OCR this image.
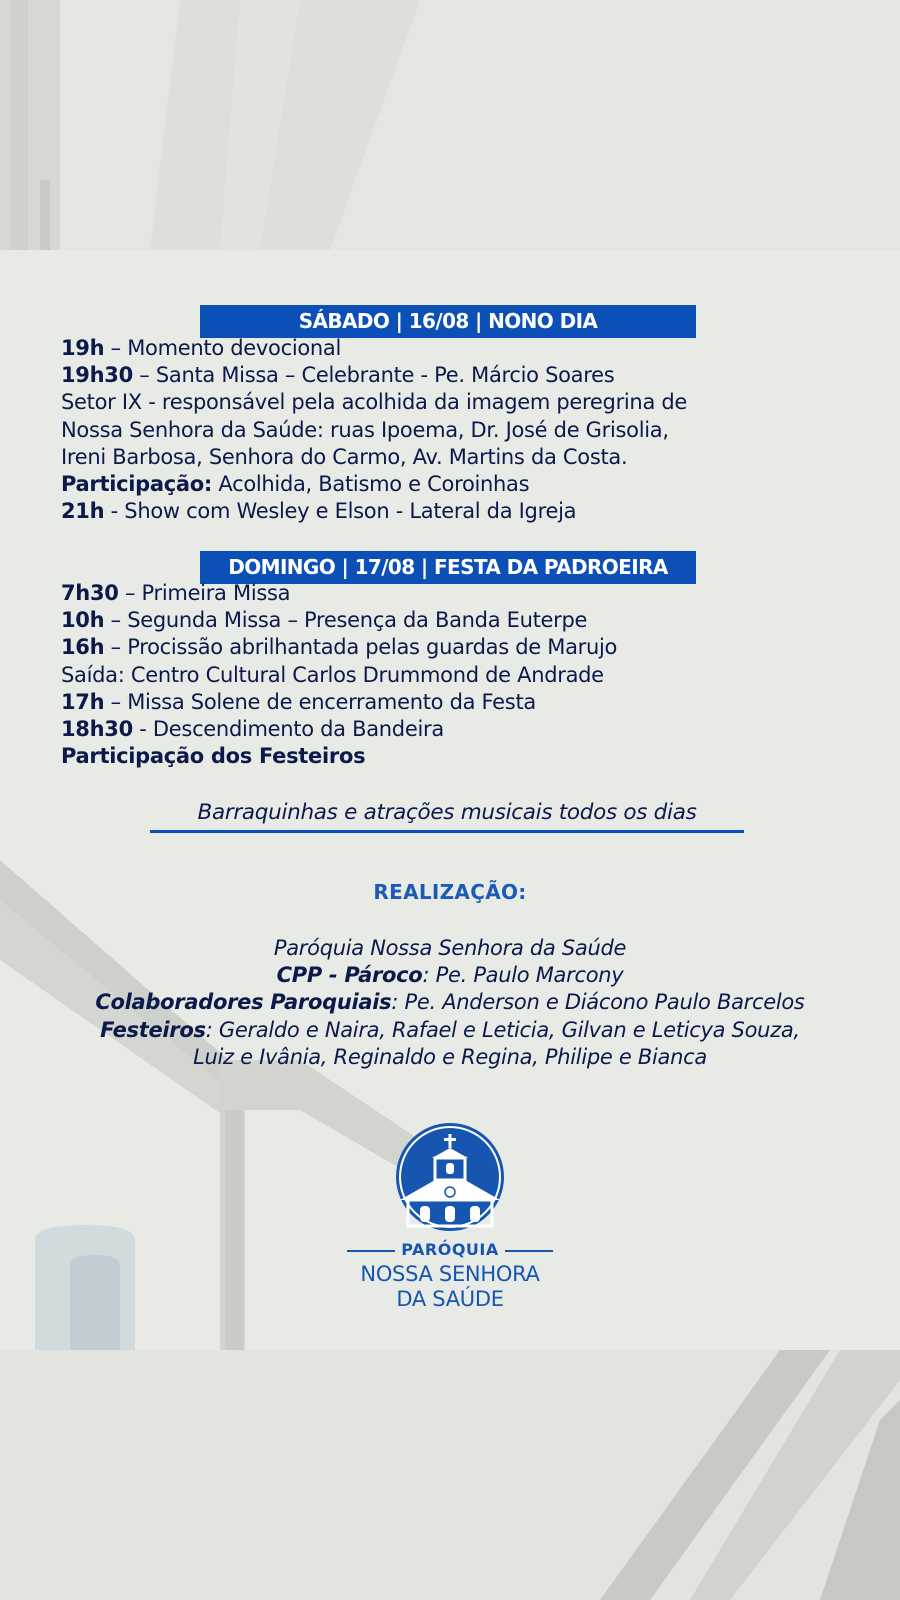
SÁBADO | 16/08 | NONO DIA
19h – Momento devocional
19h30 – Santa Missa – Celebrante - Pe. Márcio Soares
Setor IX - responsável pela acolhida da imagem peregrina de
Nossa Senhora da Saúde: ruas Ipoema, Dr. José de Grisolia,
Ireni Barbosa, Senhora do Carmo, Av. Martins da Costa.
Participação: Acolhida, Batismo e Coroinhas
21h - Show com Wesley e Elson - Lateral da Igreja
DOMINGO | 17/08 | FESTA DA PADROEIRA
7h30 – Primeira Missa
10h – Segunda Missa – Presença da Banda Euterpe
16h – Procissão abrilhantada pelas guardas de Marujo
Saída: Centro Cultural Carlos Drummond de Andrade
17h – Missa Solene de encerramento da Festa
18h30 - Descendimento da Bandeira
Participação dos Festeiros
Barraquinhas e atrações musicais todos os dias
REALIZAÇÃO:
Paróquia Nossa Senhora da Saúde
CPP - Pároco: Pe. Paulo Marcony
Colaboradores Paroquiais: Pe. Anderson e Diácono Paulo Barcelos
Festeiros: Geraldo e Naira, Rafael e Leticia, Gilvan e Leticya Souza,
Luiz e Ivânia, Reginaldo e Regina, Philipe e Bianca
PARÓQUIA
NOSSA SENHORA
DA SAÚDE
